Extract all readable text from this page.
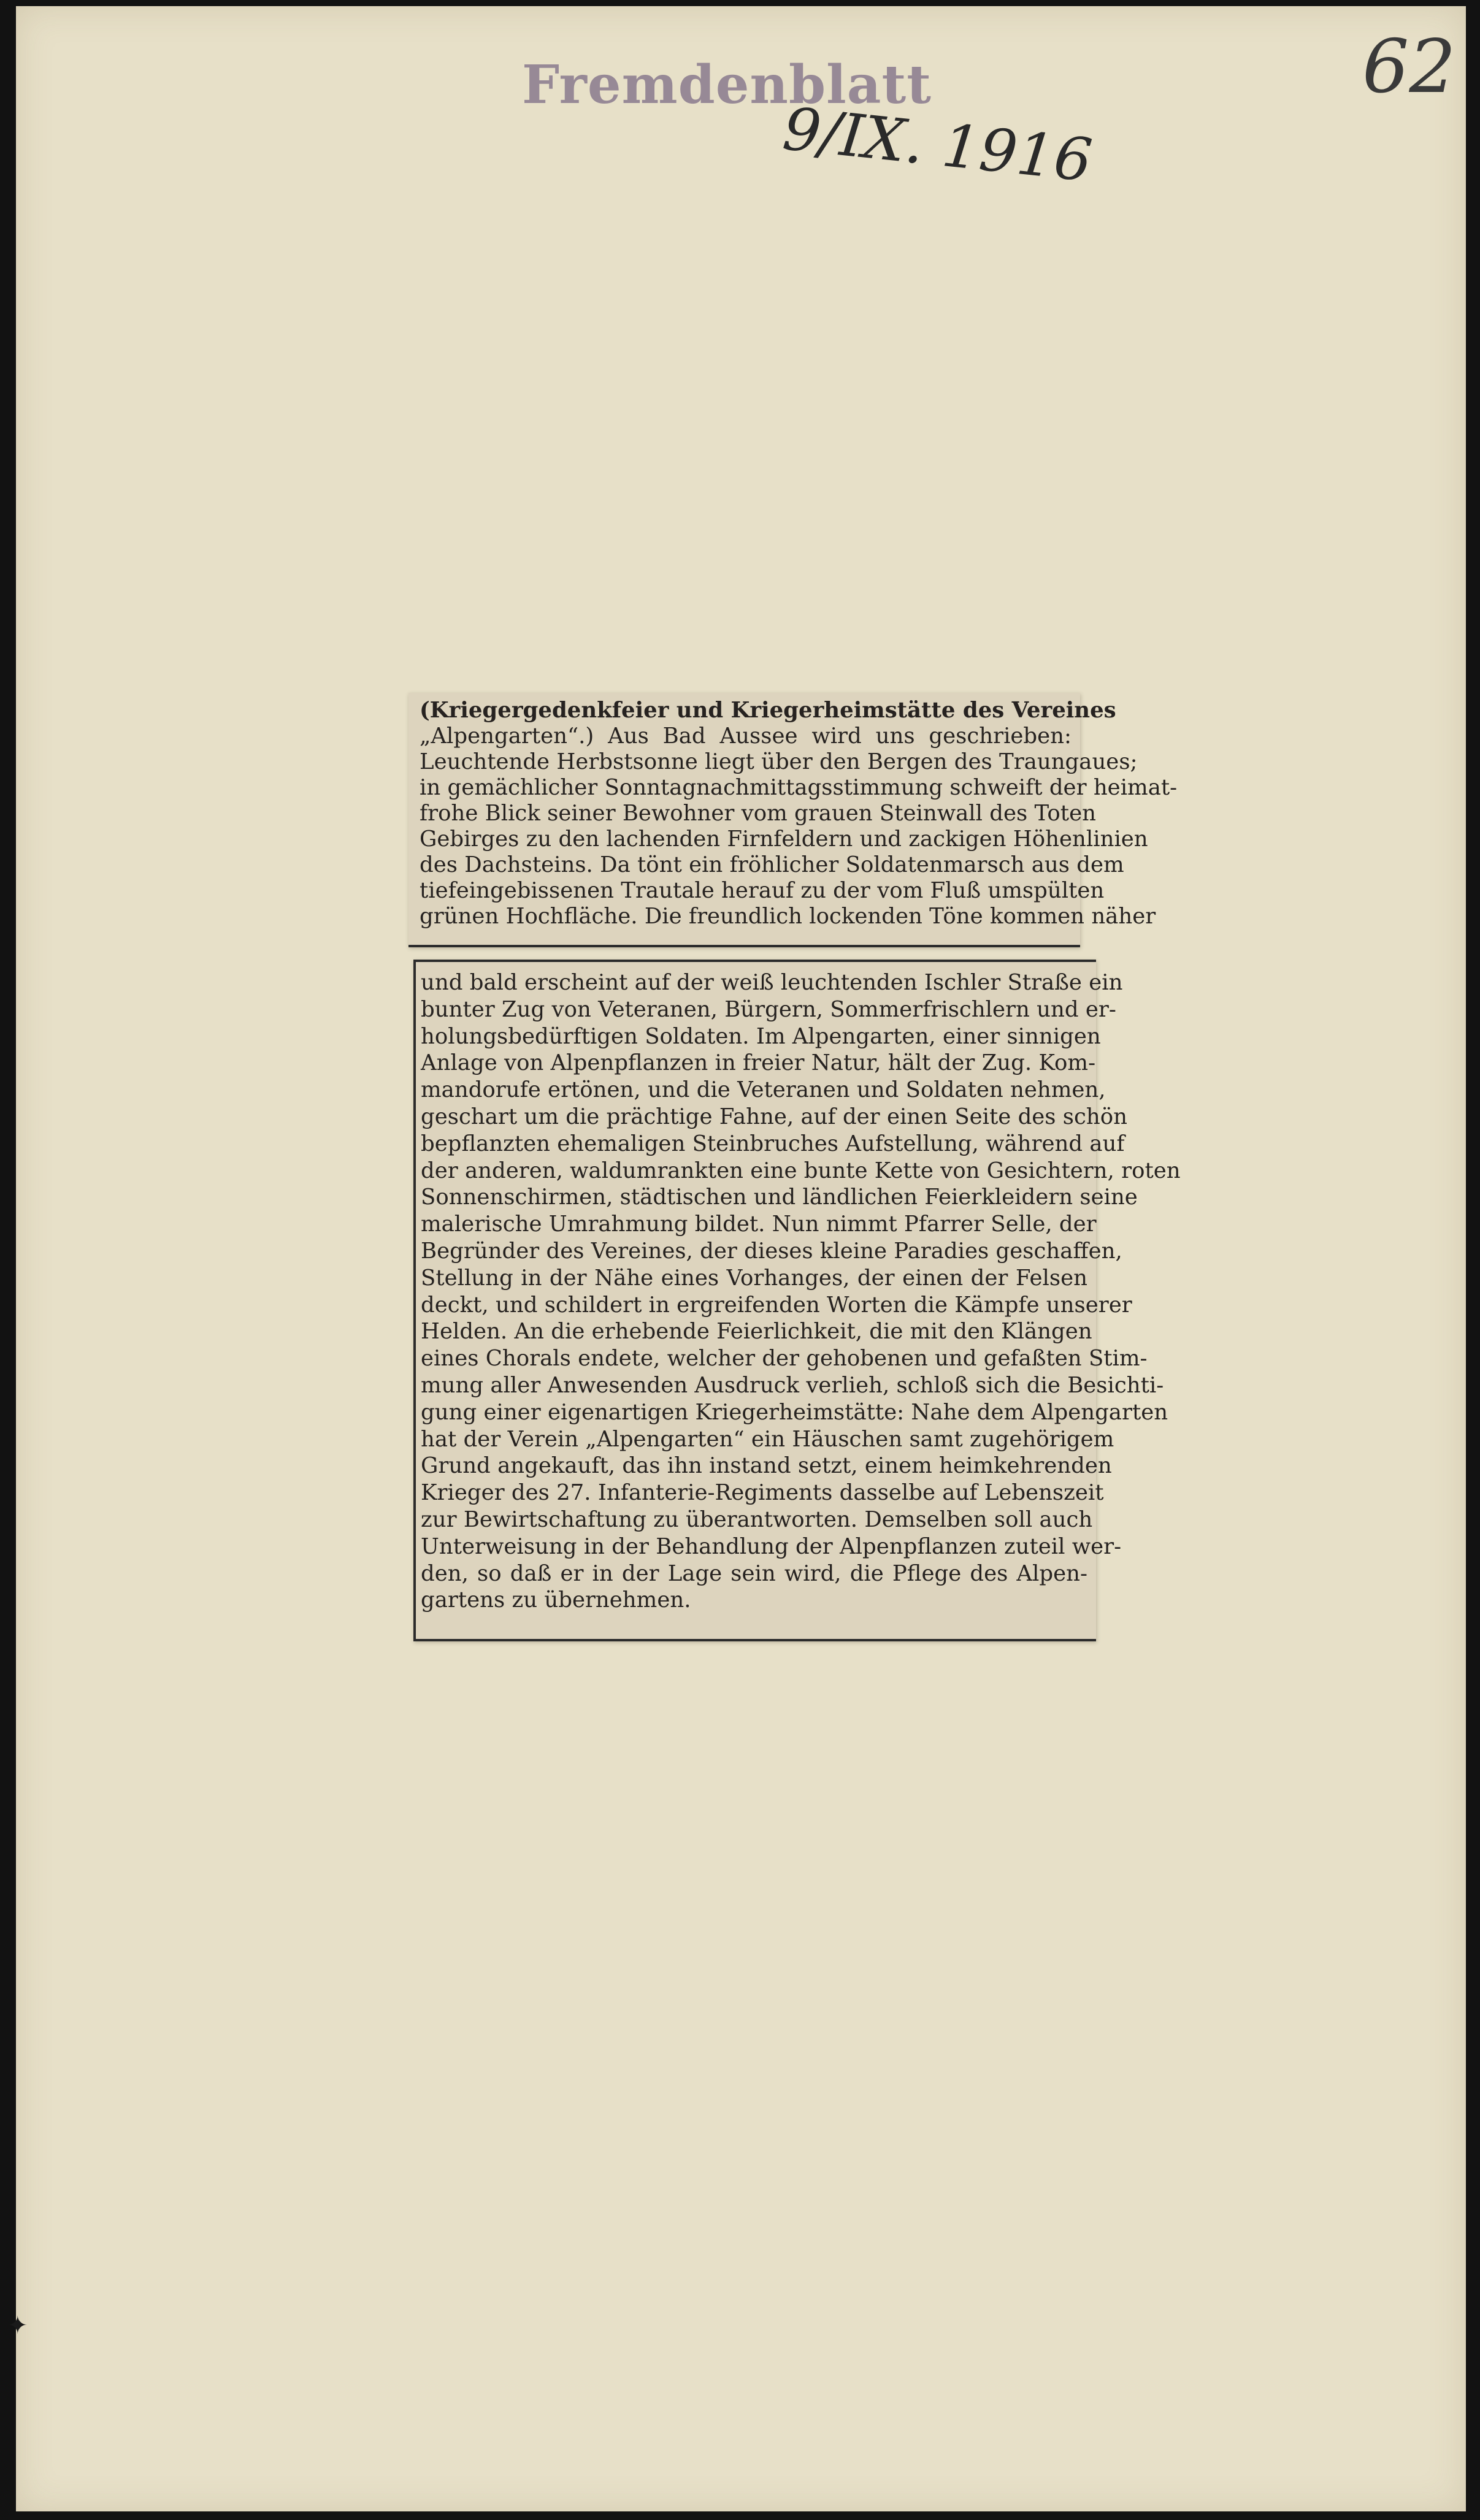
Fremdenblatt
9/IX. 1916
62
(Kriegergedenkfeier und Kriegerheimstätte des Vereines
„Alpengarten“.) Aus Bad Aussee wird uns geschrieben:
Leuchtende Herbstsonne liegt über den Bergen des Traungaues;
in gemächlicher Sonntagnachmittagsstimmung schweift der heimat-
frohe Blick seiner Bewohner vom grauen Steinwall des Toten
Gebirges zu den lachenden Firnfeldern und zackigen Höhenlinien
des Dachsteins. Da tönt ein fröhlicher Soldatenmarsch aus dem
tiefeingebissenen Trautale herauf zu der vom Fluß umspülten
grünen Hochfläche. Die freundlich lockenden Töne kommen näher
und bald erscheint auf der weiß leuchtenden Ischler Straße ein
bunter Zug von Veteranen, Bürgern, Sommerfrischlern und er-
holungsbedürftigen Soldaten. Im Alpengarten, einer sinnigen
Anlage von Alpenpflanzen in freier Natur, hält der Zug. Kom-
mandorufe ertönen, und die Veteranen und Soldaten nehmen,
geschart um die prächtige Fahne, auf der einen Seite des schön
bepflanzten ehemaligen Steinbruches Aufstellung, während auf
der anderen, waldumrankten eine bunte Kette von Gesichtern, roten
Sonnenschirmen, städtischen und ländlichen Feierkleidern seine
malerische Umrahmung bildet. Nun nimmt Pfarrer Selle, der
Begründer des Vereines, der dieses kleine Paradies geschaffen,
Stellung in der Nähe eines Vorhanges, der einen der Felsen
deckt, und schildert in ergreifenden Worten die Kämpfe unserer
Helden. An die erhebende Feierlichkeit, die mit den Klängen
eines Chorals endete, welcher der gehobenen und gefaßten Stim-
mung aller Anwesenden Ausdruck verlieh, schloß sich die Besichti-
gung einer eigenartigen Kriegerheimstätte: Nahe dem Alpengarten
hat der Verein „Alpengarten“ ein Häuschen samt zugehörigem
Grund angekauft, das ihn instand setzt, einem heimkehrenden
Krieger des 27. Infanterie-Regiments dasselbe auf Lebenszeit
zur Bewirtschaftung zu überantworten. Demselben soll auch
Unterweisung in der Behandlung der Alpenpflanzen zuteil wer-
den, so daß er in der Lage sein wird, die Pflege des Alpen-
gartens zu übernehmen.
✦
